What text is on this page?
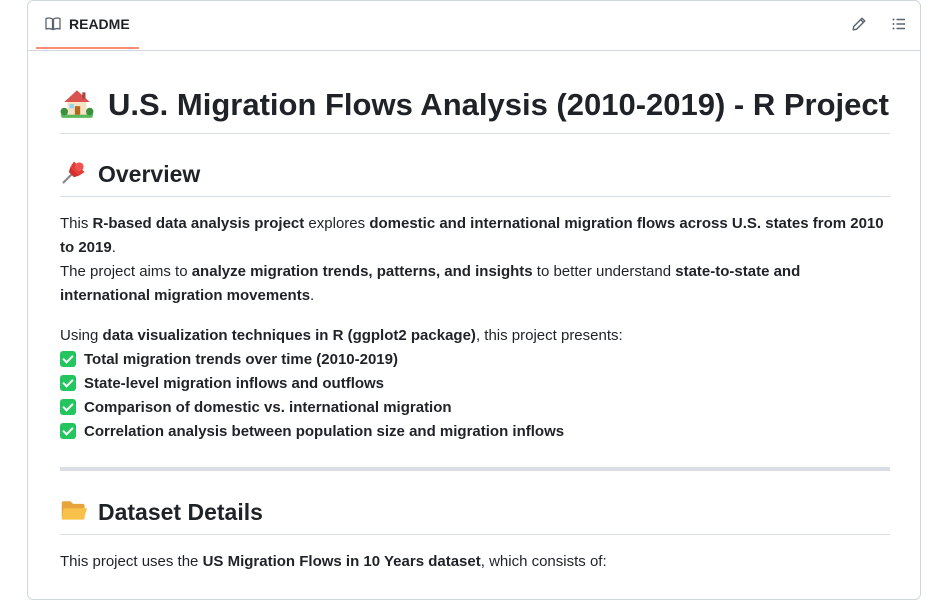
README
U.S. Migration Flows Analysis (2010-2019) - R Project
Overview

This R-based data analysis project explores domestic and international migration flows across U.S. states from 2010 to 2019.
The project aims to analyze migration trends, patterns, and insights to better understand state-to-state and international migration movements.

Using data visualization techniques in R (ggplot2 package), this project presents:
Total migration trends over time (2010-2019)
State-level migration inflows and outflows
Comparison of domestic vs. international migration
Correlation analysis between population size and migration inflows

Dataset Details

This project uses the US Migration Flows in 10 Years dataset, which consists of:
